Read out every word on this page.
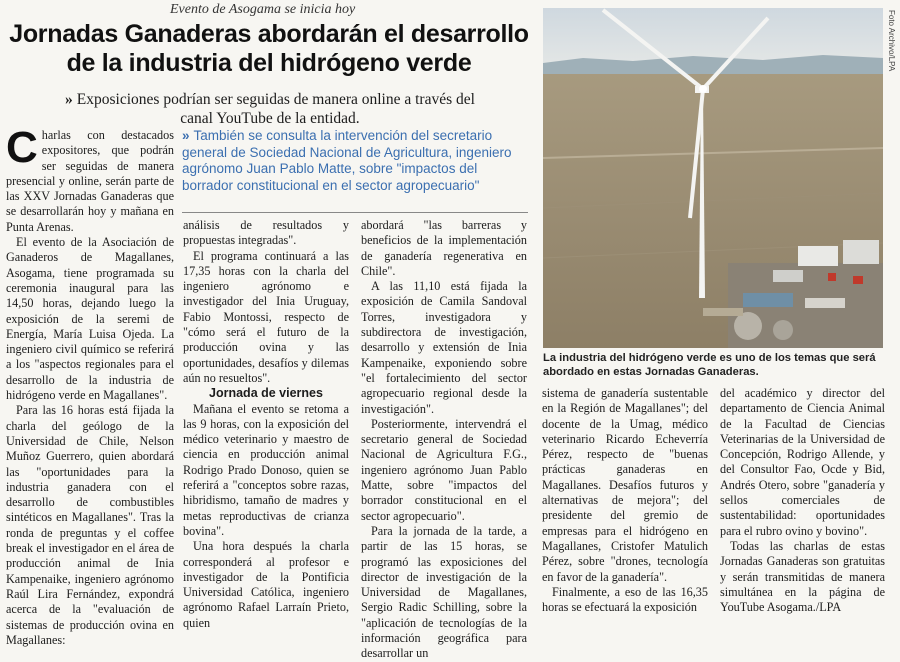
Evento de Asogama se inicia hoy
Jornadas Ganaderas abordarán el desarrollo de la industria del hidrógeno verde
» Exposiciones podrían ser seguidas de manera online a través del canal YouTube de la entidad.
» También se consulta la intervención del secretario general de Sociedad Nacional de Agricultura, ingeniero agrónomo Juan Pablo Matte, sobre "impactos del borrador constitucional en el sector agropecuario"

Charlas con destacados expositores, que podrán ser seguidas de manera presencial y online, serán parte de las XXV Jornadas Ganaderas que se desarrollarán hoy y mañana en Punta Arenas.

El evento de la Asociación de Ganaderos de Magallanes, Asogama, tiene programada su ceremonia inaugural para las 14,50 horas, dejando luego la exposición de la seremi de Energía, María Luisa Ojeda. La ingeniero civil químico se referirá a los "aspectos regionales para el desarrollo de la industria de hidrógeno verde en Magallanes".

Para las 16 horas está fijada la charla del geólogo de la Universidad de Chile, Nelson Muñoz Guerrero, quien abordará las "oportunidades para la industria ganadera con el desarrollo de combustibles sintéticos en Magallanes". Tras la ronda de preguntas y el coffee break el investigador en el área de producción animal de Inia Kampenaike, ingeniero agrónomo Raúl Lira Fernández, expondrá acerca de la "evaluación de sistemas de producción ovina en Magallanes:

análisis de resultados y propuestas integradas".

El programa continuará a las 17,35 horas con la charla del ingeniero agrónomo e investigador del Inia Uruguay, Fabio Montossi, respecto de "cómo será el futuro de la producción ovina y las oportunidades, desafíos y dilemas aún no resueltos".

Jornada de viernes

Mañana el evento se retoma a las 9 horas, con la exposición del médico veterinario y maestro de ciencia en producción animal Rodrigo Prado Donoso, quien se referirá a "conceptos sobre razas, hibridismo, tamaño de madres y metas reproductivas de crianza bovina".

Una hora después la charla corresponderá al profesor e investigador de la Pontificia Universidad Católica, ingeniero agrónomo Rafael Larraín Prieto, quien

abordará "las barreras y beneficios de la implementación de ganadería regenerativa en Chile".

A las 11,10 está fijada la exposición de Camila Sandoval Torres, investigadora y subdirectora de investigación, desarrollo y extensión de Inia Kampenaike, exponiendo sobre "el fortalecimiento del sector agropecuario regional desde la investigación".

Posteriormente, intervendrá el secretario general de Sociedad Nacional de Agricultura F.G., ingeniero agrónomo Juan Pablo Matte, sobre "impactos del borrador constitucional en el sector agropecuario".

Para la jornada de la tarde, a partir de las 15 horas, se programó las exposiciones del director de investigación de la Universidad de Magallanes, Sergio Radic Schilling, sobre la "aplicación de tecnologías de la información geográfica para desarrollar un

Foto Archivo/LPA
La industria del hidrógeno verde es uno de los temas que será abordado en estas Jornadas Ganaderas.

sistema de ganadería sustentable en la Región de Magallanes"; del docente de la Umag, médico veterinario Ricardo Echeverría Pérez, respecto de "buenas prácticas ganaderas en Magallanes. Desafíos futuros y alternativas de mejora"; del presidente del gremio de empresas para el hidrógeno en Magallanes, Cristofer Matulich Pérez, sobre "drones, tecnología en favor de la ganadería".

Finalmente, a eso de las 16,35 horas se efectuará la exposición

del académico y director del departamento de Ciencia Animal de la Facultad de Ciencias Veterinarias de la Universidad de Concepción, Rodrigo Allende, y del Consultor Fao, Ocde y Bid, Andrés Otero, sobre "ganadería y sellos comerciales de sustentabilidad: oportunidades para el rubro ovino y bovino".

Todas las charlas de estas Jornadas Ganaderas son gratuitas y serán transmitidas de manera simultánea en la página de YouTube Asogama./LPA
